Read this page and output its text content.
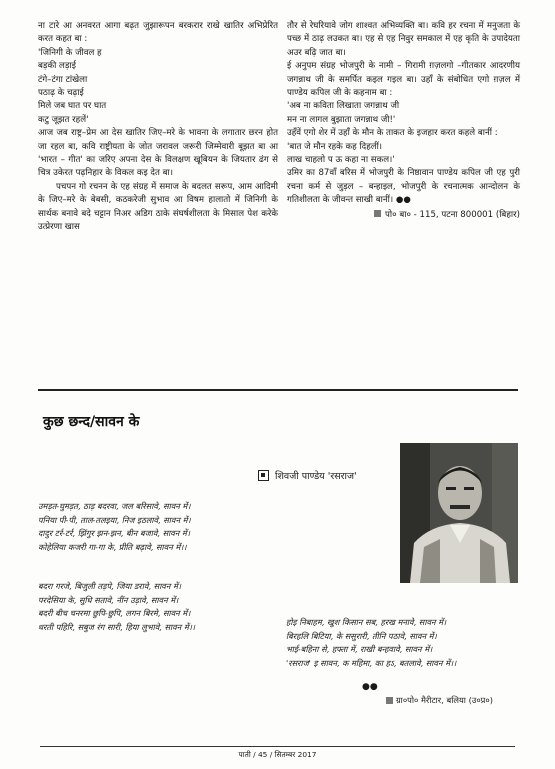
ना टारे आ अनवरत आगा बढ़त जुझारूपन बरकरार राखे खातिर अभिप्रेरित करत कहत बा :

'जिनिगी के जीवल ह

बड़की लड़ाई

टंगे–टंगा टांखेला

पठाढ़ के चढ़ाई

मिले जब घात पर घात

कटु जूझत रहलें'

आज जब राष्ट्र–प्रेम आ देस खातिर जिए–मरे के भावना के लगातार छरन होत जा रहल बा, कवि राष्ट्रीयता के जोत जरावल जरूरी जिम्मेवारी बूझत बा आ 'भारत – गीत' का जरिए अपना देस के विलक्षण खूबियन के जियतार ढंग से चित्र उकेरत पढ़निहार के विकल कइ देत बा।

पचपन गो रचनन के एह संग्रह में समाज के बदलत सरूप, आम आदिमी के जिए–मरे के बेबसी, कठकरेजी सुभाव आ विषम हालातो में जिनिगी के सार्थक बनावे बदे चट्टान निअर अडिग ठाके संघर्षशीलता के मिसाल पेश करेके उत्प्रेरणा खास

तौर से रेघरियावे जोग शाश्वत अभिव्यक्ति बा। कवि हर रचना में मनुजता के पच्छ में ठाढ़ लउकत बा। एह से एह निवुर समकाल में एह कृति के उपादेयता अउर बढ़ि जात बा।

ई अनुपम संग्रह भोजपुरी के नामी – गिरामी ग़ज़लगो –गीतकार आदरणीय जगन्नाथ जी के समर्पित कइल गइल बा। उहाँ के संबोधित एगो ग़ज़ल में पाण्डेय कपिल जी के कहनाम बा :

'अब ना कविता लिखाता जगन्नाथ जी

मन ना लागल बुझाता जगन्नाथ जी!'

उहँवें एगो शेर में उहाँ के मौन के ताकत के इजहार करत कहले बानीं :

'बात जे मौन रहके कह दिहलीं।

लाख चाहलो प ऊ कहा ना सकल।'

उमिर का 87वाँ बरिस में भोजपुरी के निष्ठावान पाण्डेय कपिल जी एह पुरी रचना कर्म से जुड़ल – बन्हाइल, भोजपुरी के रचनात्मक आन्दोलन के गतिशीलता के जीवन्त साखी बानीं। ●●

पो० बा० - 115, पटना 800001 (बिहार)
कुछ छन्द/सावन के
शिवजी पाण्डेय 'रसराज'

उमड़त-घुमड़त, ठाड़ बदरवा, जल बरिसावे, सावन में।

पनिया पी-पी, ताल-तलइया, निज इठलावे, सावन में।

दादुर टर्र-टर्र, झिंगुर झन-झन, बीन बजावे, सावन में।

कोहेलिया कजरी गा-गा के, प्रीति बढ़ावे, सावन में।।

बदरा गरजे, बिजुली तड़पे, जिया डरावे, सावन में।

परदेसिया के, सुधि सतावे, नींन उड़ावे, सावन में।

बदरी बीच चनरमा छुपि-छुपि, लगन बिरमे, सावन में।

धरती पहिरि, सबुज रंग सारी, हिया लुभावे, सावन में।।	होइ निबाहम, खुश किसान सब, हरख मनावे, सावन में।

बिरहलि बिटिया, के ससुरारी, तीनि पठावे, सावन में।

भाई-बहिना से, हफ्ता में, राखी बन्हवावे, सावन में।

'रसराज' इ सावन, क महिमा, का हऽ, बतलावे, सावन में।।

●●
ग्रा०पो० मैरीटार, बलिया (उ०प्र०)
पाती / 45 / सितम्बर 2017
